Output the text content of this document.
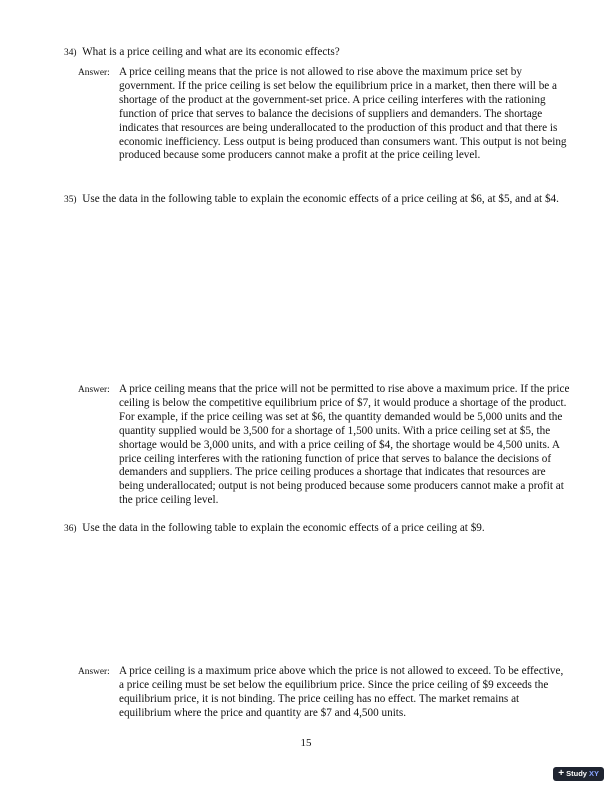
34) What is a price ceiling and what are its economic effects?
Answer: A price ceiling means that the price is not allowed to rise above the maximum price set by government. If the price ceiling is set below the equilibrium price in a market, then there will be a shortage of the product at the government-set price. A price ceiling interferes with the rationing function of price that serves to balance the decisions of suppliers and demanders. The shortage indicates that resources are being underallocated to the production of this product and that there is economic inefficiency. Less output is being produced than consumers want. This output is not being produced because some producers cannot make a profit at the price ceiling level.
35) Use the data in the following table to explain the economic effects of a price ceiling at $6, at $5, and at $4.
Answer: A price ceiling means that the price will not be permitted to rise above a maximum price. If the price ceiling is below the competitive equilibrium price of $7, it would produce a shortage of the product. For example, if the price ceiling was set at $6, the quantity demanded would be 5,000 units and the quantity supplied would be 3,500 for a shortage of 1,500 units. With a price ceiling set at $5, the shortage would be 3,000 units, and with a price ceiling of $4, the shortage would be 4,500 units. A price ceiling interferes with the rationing function of price that serves to balance the decisions of demanders and suppliers. The price ceiling produces a shortage that indicates that resources are being underallocated; output is not being produced because some producers cannot make a profit at the price ceiling level.
36) Use the data in the following table to explain the economic effects of a price ceiling at $9.
Answer: A price ceiling is a maximum price above which the price is not allowed to exceed. To be effective, a price ceiling must be set below the equilibrium price. Since the price ceiling of $9 exceeds the equilibrium price, it is not binding. The price ceiling has no effect. The market remains at equilibrium where the price and quantity are $7 and 4,500 units.
15
+ Study XY
